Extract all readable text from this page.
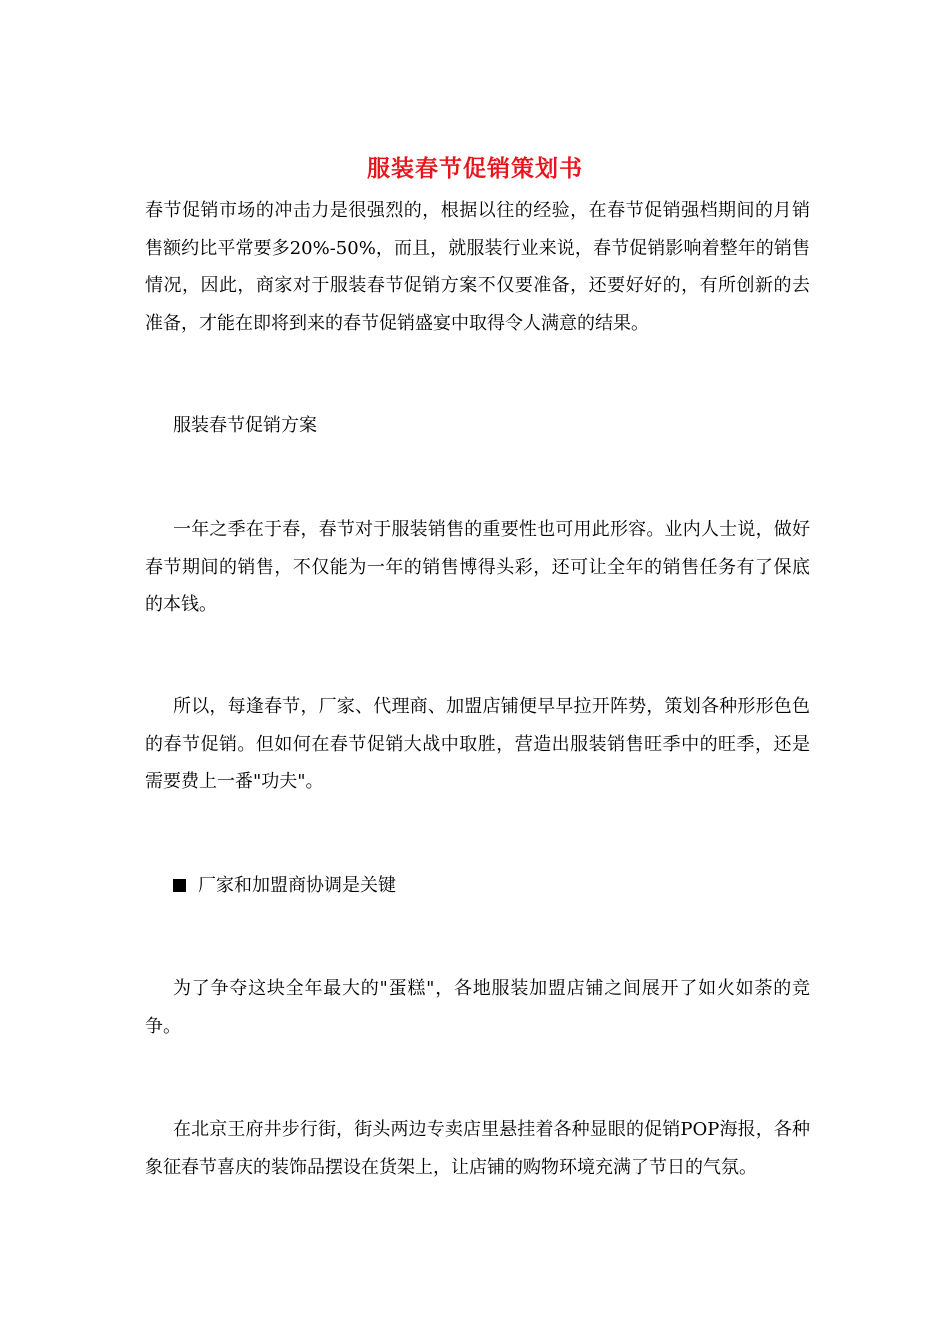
服装春节促销策划书

春节促销市场的冲击力是很强烈的，根据以往的经验，在春节促销强档期间的月销售额约比平常要多20%-50%，而且，就服装行业来说，春节促销影响着整年的销售情况，因此，商家对于服装春节促销方案不仅要准备，还要好好的，有所创新的去准备，才能在即将到来的春节促销盛宴中取得令人满意的结果。

服装春节促销方案

一年之季在于春，春节对于服装销售的重要性也可用此形容。业内人士说，做好春节期间的销售，不仅能为一年的销售博得头彩，还可让全年的销售任务有了保底的本钱。

所以，每逢春节，厂家、代理商、加盟店铺便早早拉开阵势，策划各种形形色色的春节促销。但如何在春节促销大战中取胜，营造出服装销售旺季中的旺季，还是需要费上一番"功夫"。

厂家和加盟商协调是关键

为了争夺这块全年最大的"蛋糕"，各地服装加盟店铺之间展开了如火如荼的竞争。

在北京王府井步行街，街头两边专卖店里悬挂着各种显眼的促销POP海报，各种象征春节喜庆的装饰品摆设在货架上，让店铺的购物环境充满了节日的气氛。
